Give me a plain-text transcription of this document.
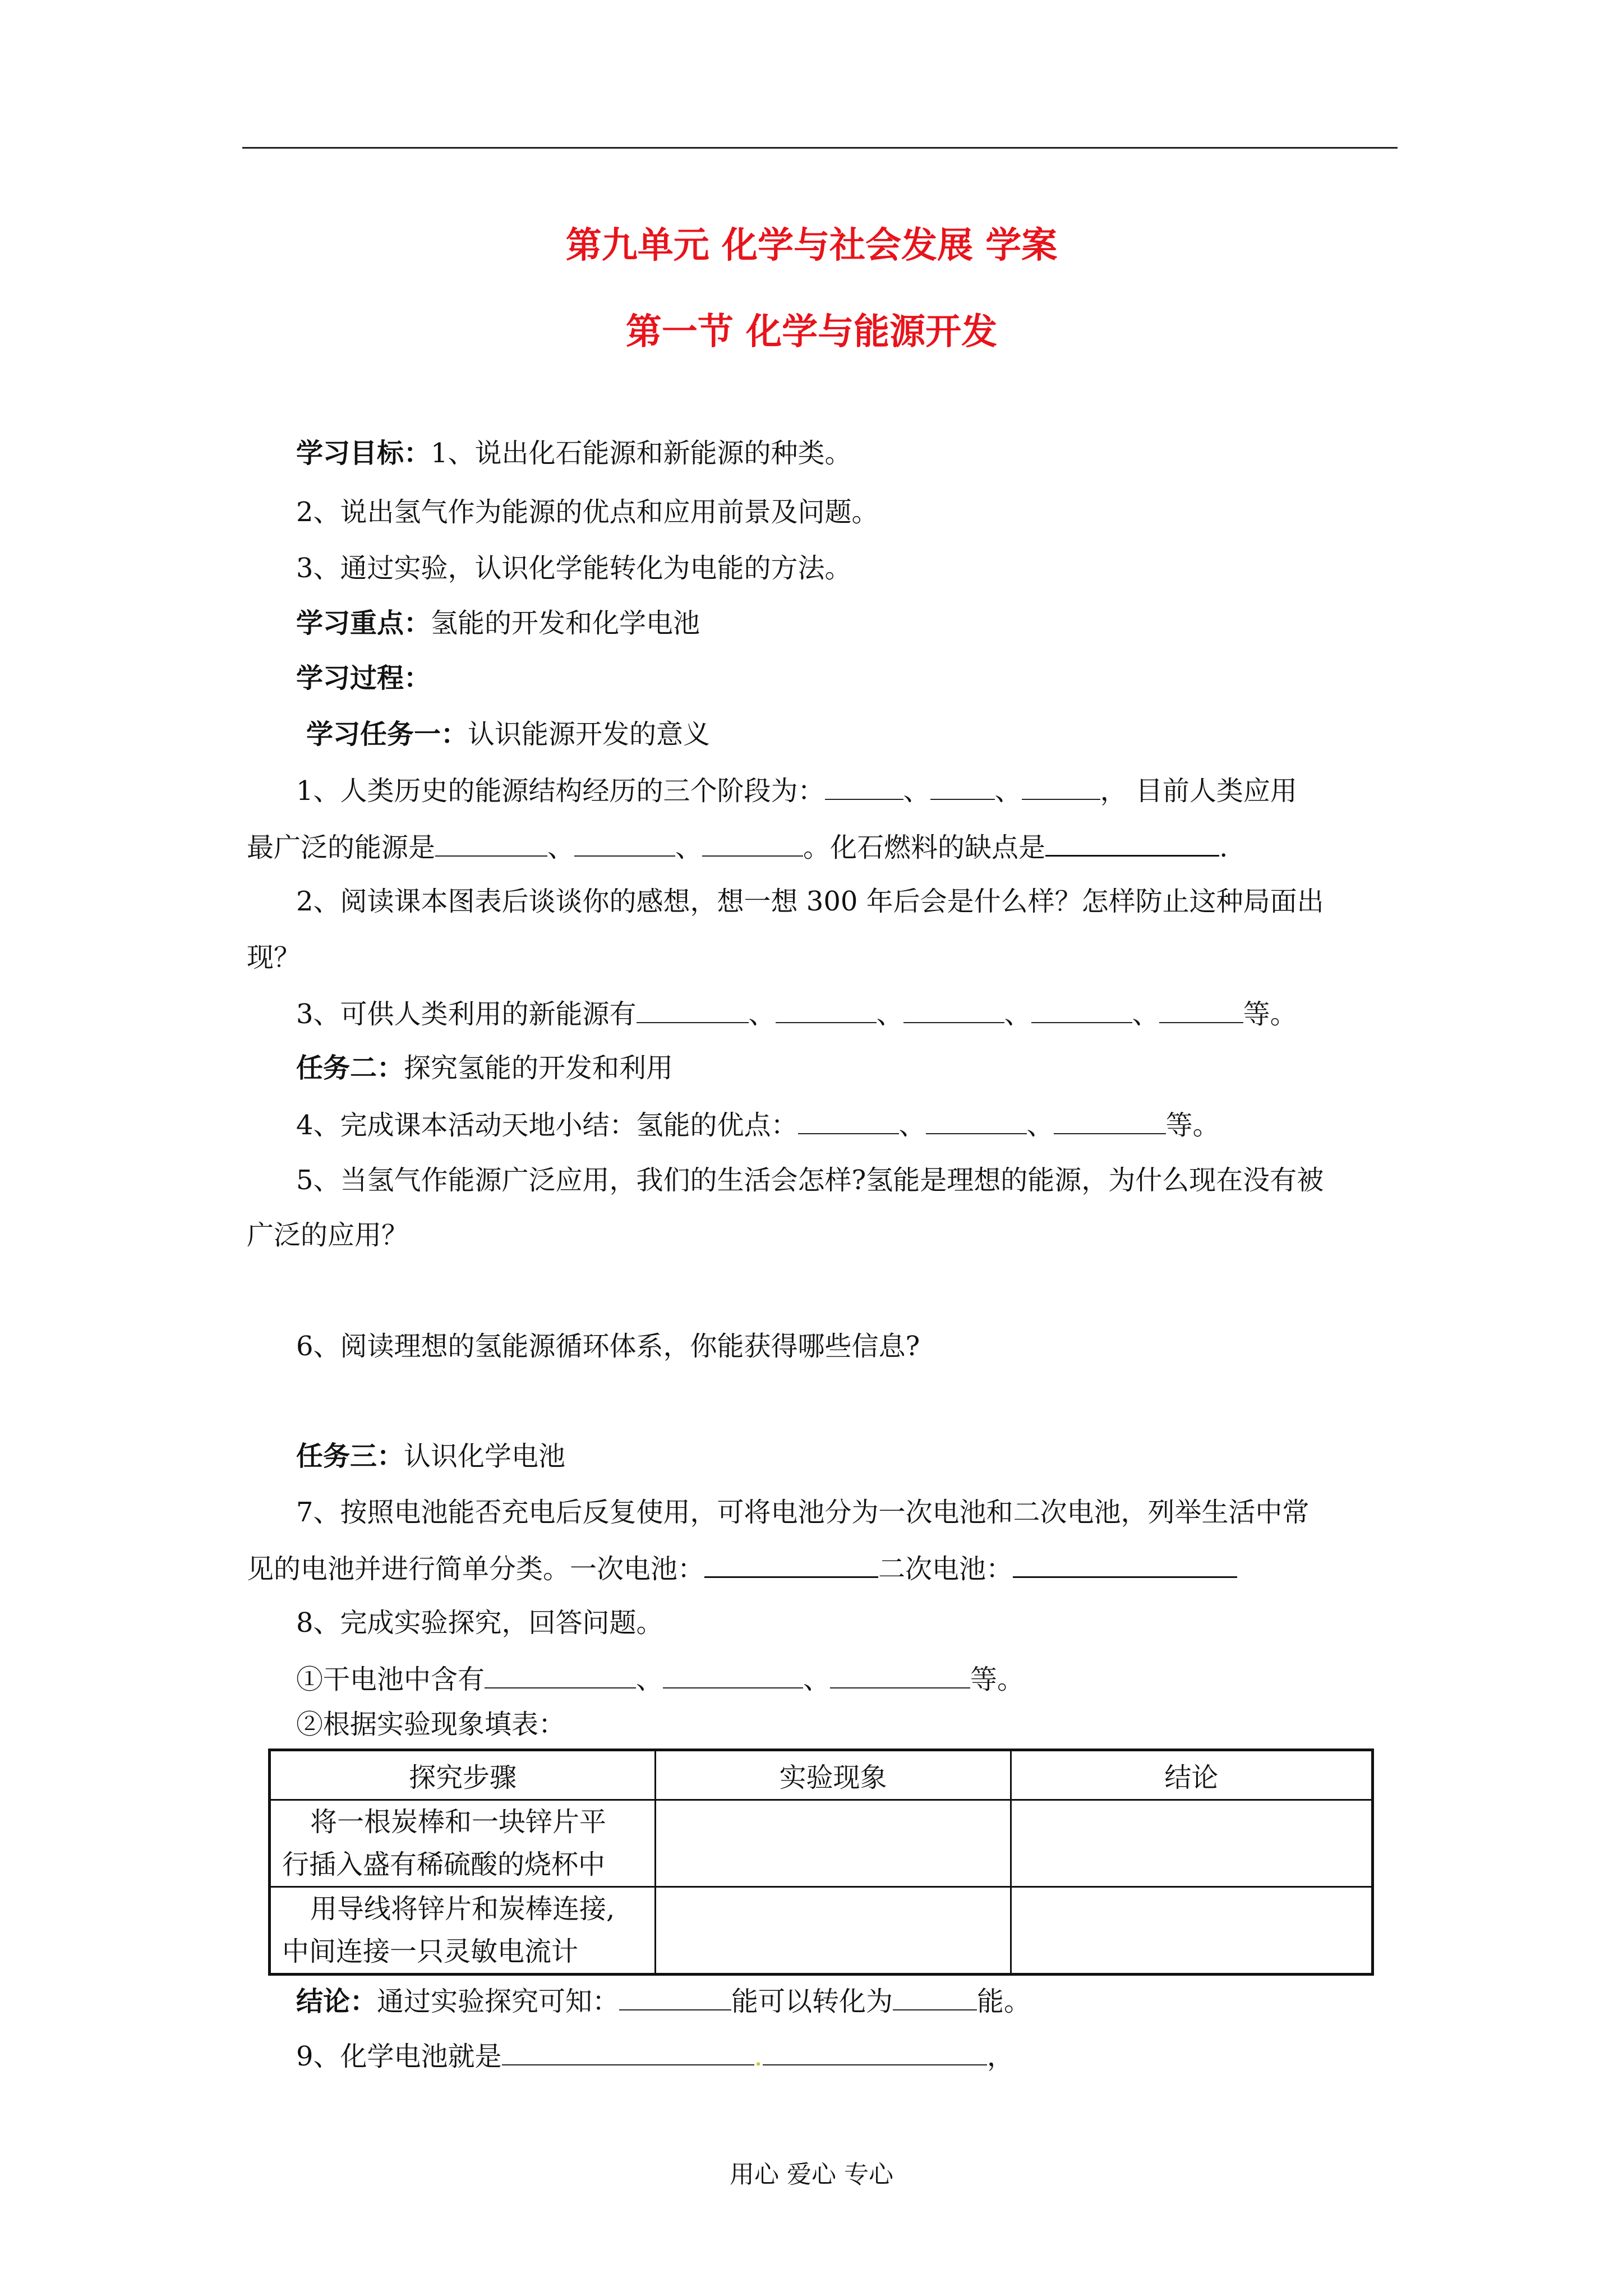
第九单元 化学与社会发展 学案
第一节 化学与能源开发
学习目标：1、说出化石能源和新能源的种类。
2、说出氢气作为能源的优点和应用前景及问题。
3、通过实验，认识化学能转化为电能的方法。
学习重点：氢能的开发和化学电池
学习过程：
学习任务一：认识能源开发的意义
1、人类历史的能源结构经历的三个阶段为：	、 、	， 目前人类应用
最广泛的能源是	、	、	。化石燃料的缺点是	.
2、阅读课本图表后谈谈你的感想，想一想 300 年后会是什么样？怎样防止这种局面出
现？
3、可供人类利用的新能源有	、	、	、	、	等。
任务二：探究氢能的开发和利用
4、完成课本活动天地小结：氢能的优点：	、	、	等。
5、当氢气作能源广泛应用，我们的生活会怎样?氢能是理想的能源，为什么现在没有被
广泛的应用？
6、阅读理想的氢能源循环体系，你能获得哪些信息?
任务三：认识化学电池
7、按照电池能否充电后反复使用，可将电池分为一次电池和二次电池，列举生活中常
见的电池并进行简单分类。一次电池：	二次电池：
8、完成实验探究，回答问题。
①干电池中含有	、	、	等。
②根据实验现象填表：
探究步骤	实验现象	结论
将一根炭棒和一块锌片平
行插入盛有稀硫酸的烧杯中		
用导线将锌片和炭棒连接,
中间连接一只灵敏电流计		
结论：通过实验探究可知：	能可以转化为	能。
9、化学电池就是	.	，
用心 爱心 专心
